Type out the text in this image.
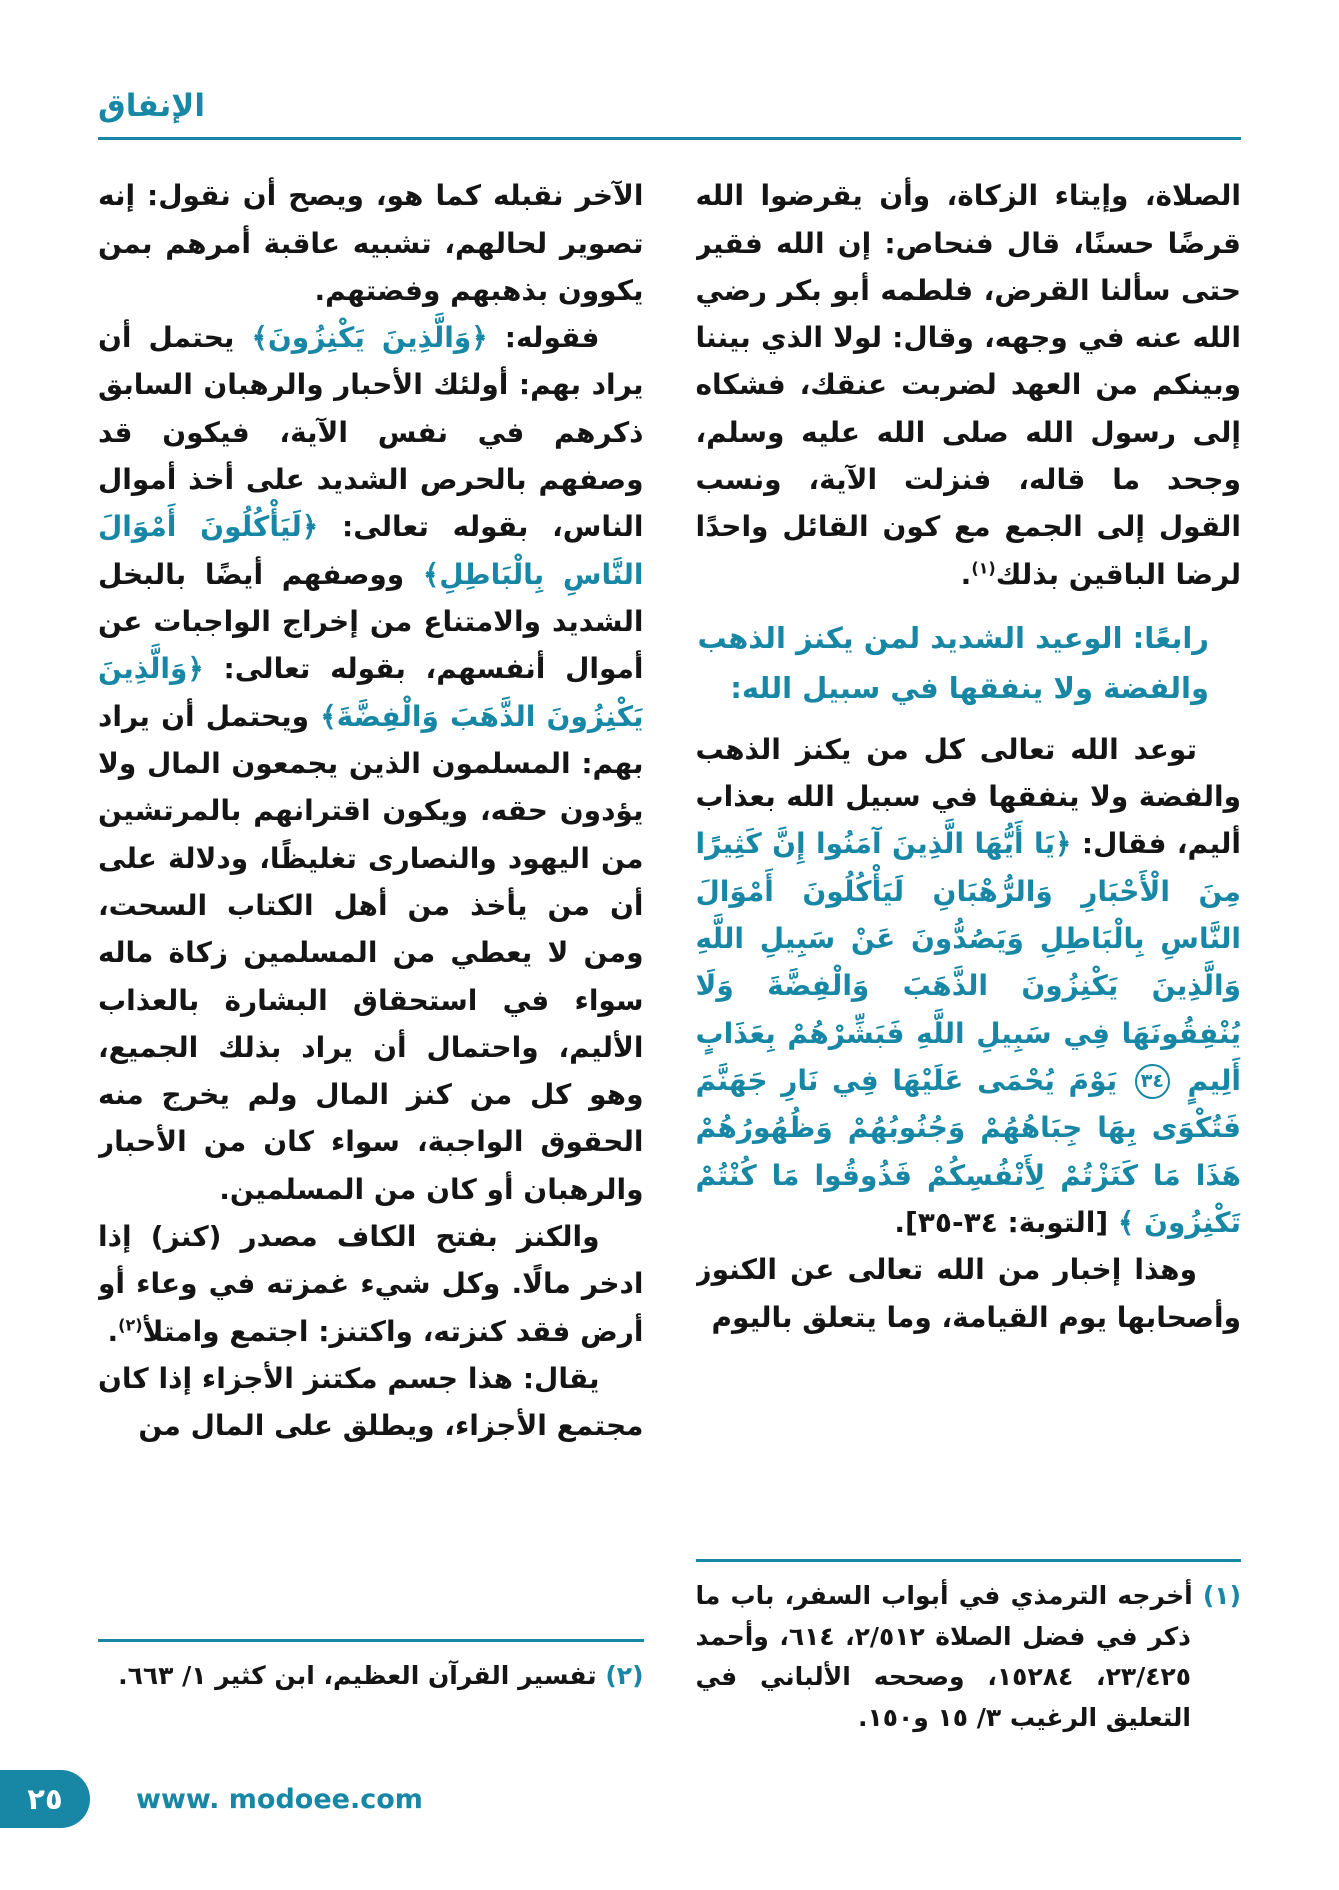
الإنفاق
الصلاة، وإيتاء الزكاة، وأن يقرضوا الله قرضًا حسنًا، قال فنحاص: إن الله فقير حتى سألنا القرض، فلطمه أبو بكر رضي الله عنه في وجهه، وقال: لولا الذي بيننا وبينكم من العهد لضربت عنقك، فشكاه إلى رسول الله صلى الله عليه وسلم، وجحد ما قاله، فنزلت الآية، ونسب القول إلى الجمع مع كون القائل واحدًا لرضا الباقين بذلك$^{(١)}$.
رابعًا: الوعيد الشديد لمن يكنز الذهب والفضة ولا ينفقها في سبيل الله:
توعد الله تعالى كل من يكنز الذهب والفضة ولا ينفقها في سبيل الله بعذاب أليم، فقال: ﴿يَا أَيُّهَا الَّذِينَ آمَنُوا إِنَّ كَثِيرًا مِنَ الْأَحْبَارِ وَالرُّهْبَانِ لَيَأْكُلُونَ أَمْوَالَ النَّاسِ بِالْبَاطِلِ وَيَصُدُّونَ عَنْ سَبِيلِ اللَّهِ وَالَّذِينَ يَكْنِزُونَ الذَّهَبَ وَالْفِضَّةَ وَلَا يُنْفِقُونَهَا فِي سَبِيلِ اللَّهِ فَبَشِّرْهُمْ بِعَذَابٍ أَلِيمٍ ٣٤ يَوْمَ يُحْمَى عَلَيْهَا فِي نَارِ جَهَنَّمَ فَتُكْوَى بِهَا جِبَاهُهُمْ وَجُنُوبُهُمْ وَظُهُورُهُمْ هَذَا مَا كَنَزْتُمْ لِأَنْفُسِكُمْ فَذُوقُوا مَا كُنْتُمْ تَكْنِزُونَ ﴾ [التوبة: ٣٤-٣٥].
وهذا إخبار من الله تعالى عن الكنوز وأصحابها يوم القيامة، وما يتعلق باليوم
(١) أخرجه الترمذي في أبواب السفر، باب ما ذكر في فضل الصلاة ٢/٥١٢، ٦١٤، وأحمد ٢٣/٤٢٥، ١٥٢٨٤، وصححه الألباني في التعليق الرغيب ٣/ ١٥ و١٥٠.
الآخر نقبله كما هو، ويصح أن نقول: إنه تصوير لحالهم، تشبيه عاقبة أمرهم بمن يكوون بذهبهم وفضتهم.
فقوله: ﴿وَالَّذِينَ يَكْنِزُونَ﴾ يحتمل أن يراد بهم: أولئك الأحبار والرهبان السابق ذكرهم في نفس الآية، فيكون قد وصفهم بالحرص الشديد على أخذ أموال الناس، بقوله تعالى: ﴿لَيَأْكُلُونَ أَمْوَالَ النَّاسِ بِالْبَاطِلِ﴾ ووصفهم أيضًا بالبخل الشديد والامتناع من إخراج الواجبات عن أموال أنفسهم، بقوله تعالى: ﴿وَالَّذِينَ يَكْنِزُونَ الذَّهَبَ وَالْفِضَّةَ﴾ ويحتمل أن يراد بهم: المسلمون الذين يجمعون المال ولا يؤدون حقه، ويكون اقترانهم بالمرتشين من اليهود والنصارى تغليظًا، ودلالة على أن من يأخذ من أهل الكتاب السحت، ومن لا يعطي من المسلمين زكاة ماله سواء في استحقاق البشارة بالعذاب الأليم، واحتمال أن يراد بذلك الجميع، وهو كل من كنز المال ولم يخرج منه الحقوق الواجبة، سواء كان من الأحبار والرهبان أو كان من المسلمين.
والكنز بفتح الكاف مصدر (كنز) إذا ادخر مالًا. وكل شيء غمزته في وعاء أو أرض فقد كنزته، واكتنز: اجتمع وامتلأ$^{(٢)}$.
يقال: هذا جسم مكتنز الأجزاء إذا كان مجتمع الأجزاء، ويطلق على المال من
(٢) تفسير القرآن العظيم، ابن كثير ١/ ٦٦٣.
٢٥	www. modoee.com
